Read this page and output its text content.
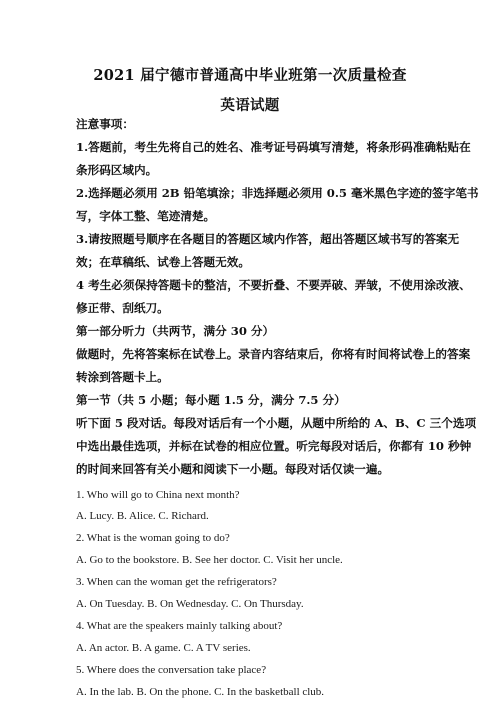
2021 届宁德市普通高中毕业班第一次质量检查
英语试题
注意事项：
1.答题前，考生先将自己的姓名、准考证号码填写清楚，将条形码准确粘贴在
条形码区域内。
2.选择题必须用 2B 铅笔填涂；非选择题必须用 0.5 毫米黑色字迹的签字笔书
写，字体工整、笔迹清楚。
3.请按照题号顺序在各题目的答题区域内作答，超出答题区域书写的答案无
效；在草稿纸、试卷上答题无效。
4 考生必须保持答题卡的整洁，不要折叠、不要弄破、弄皱，不使用涂改液、
修正带、刮纸刀。
第一部分听力（共两节，满分 30 分）
做题时，先将答案标在试卷上。录音内容结束后，你将有时间将试卷上的答案
转涂到答题卡上。
第一节（共 5 小题；每小题 1.5 分，满分 7.5 分）
听下面 5 段对话。每段对话后有一个小题，从题中所给的 A、B、C 三个选项
中选出最佳选项，并标在试卷的相应位置。听完每段对话后，你都有 10 秒钟
的时间来回答有关小题和阅读下一小题。每段对话仅读一遍。
1. Who will go to China next month?
A. Lucy. B. Alice. C. Richard.
2. What is the woman going to do?
A. Go to the bookstore. B. See her doctor. C. Visit her uncle.
3. When can the woman get the refrigerators?
A. On Tuesday. B. On Wednesday. C. On Thursday.
4. What are the speakers mainly talking about?
A. An actor. B. A game. C. A TV series.
5. Where does the conversation take place?
A. In the lab. B. On the phone. C. In the basketball club.
